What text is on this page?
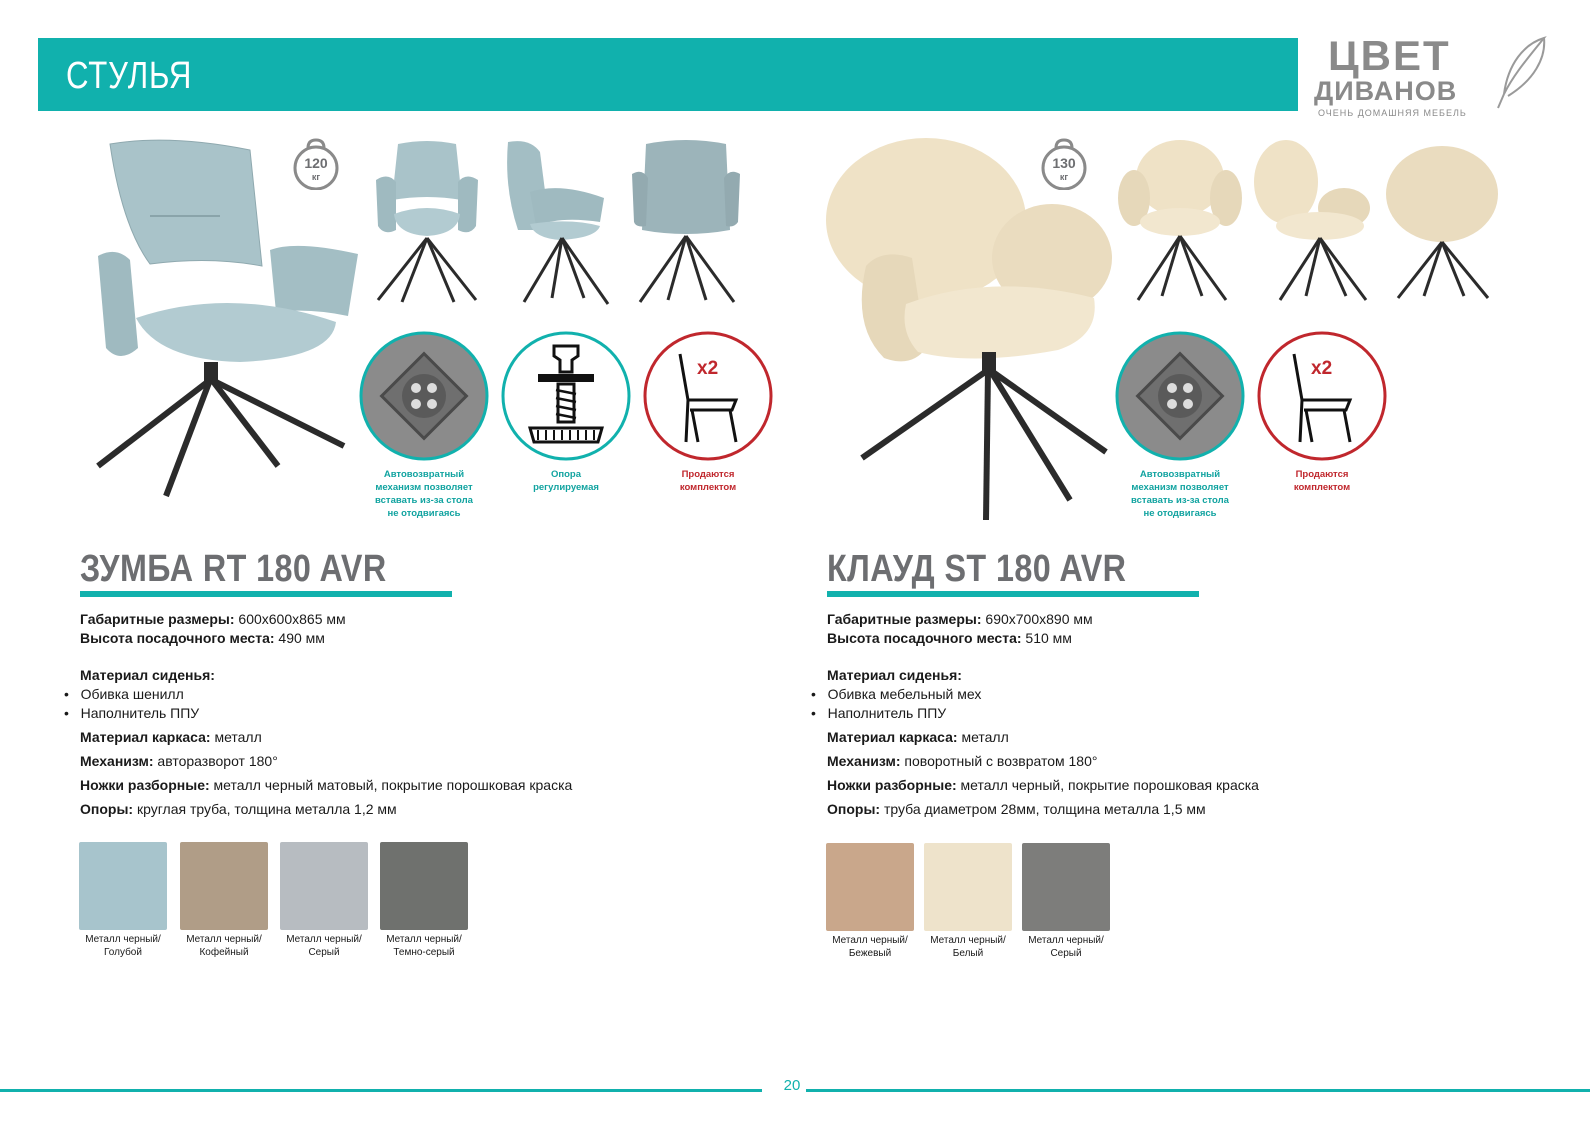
СТУЛЬЯ	ЦВЕТ
ДИВАНОВ
ОЧЕНЬ ДОМАШНЯЯ МЕБЕЛЬ
120
кг
x2
Автовозвратный
механизм позволяет
вставать из-за стола
не отодвигаясь
Опора
регулируемая
Продаются
комплектом
ЗУМБА RT 180 AVR
Габаритные размеры: 600х600х865 мм
Высота посадочного места: 490 мм
Материал сиденья:
•   Обивка шенилл
•   Наполнитель ППУ
Материал каркаса: металл
Механизм: авторазворот 180°
Ножки разборные: металл черный матовый, покрытие порошковая краска
Опоры: круглая труба, толщина металла 1,2 мм
Металл черный/
Голубой
Металл черный/
Кофейный
Металл черный/
Серый
Металл черный/
Темно-серый
130
кг
x2
Автовозвратный
механизм позволяет
вставать из-за стола
не отодвигаясь
Продаются
комплектом
КЛАУД ST 180 AVR
Габаритные размеры: 690х700х890 мм
Высота посадочного места: 510 мм
Материал сиденья:
•   Обивка мебельный мех
•   Наполнитель ППУ
Материал каркаса: металл
Механизм: поворотный с возвратом 180°
Ножки разборные: металл черный, покрытие порошковая краска
Опоры: труба диаметром 28мм, толщина металла 1,5 мм
Металл черный/
Бежевый
Металл черный/
Белый
Металл черный/
Серый
20
